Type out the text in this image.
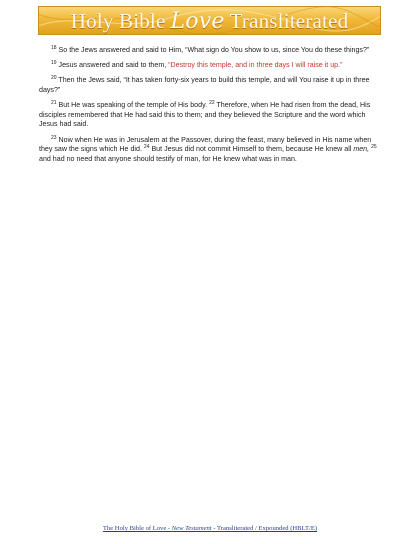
Holy Bible Love Transliterated

$^{18}$ So the Jews answered and said to Him, “What sign do You show to us, since You do these things?”

$^{19}$ Jesus answered and said to them, “Destroy this temple, and in three days I will raise it up.”

$^{20}$ Then the Jews said, “It has taken forty-six years to build this temple, and will You raise it up in three days?”

$^{21}$ But He was speaking of the temple of His body. $^{22}$ Therefore, when He had risen from the dead, His disciples remembered that He had said this to them; and they believed the Scripture and the word which Jesus had said.

$^{23}$ Now when He was in Jerusalem at the Passover, during the feast, many believed in His name when they saw the signs which He did. $^{24}$ But Jesus did not commit Himself to them, because He knew all men, $^{25}$ and had no need that anyone should testify of man, for He knew what was in man.

The Holy Bible of Love - New Testament - Transliterated / Expounded (HBLT/E)
